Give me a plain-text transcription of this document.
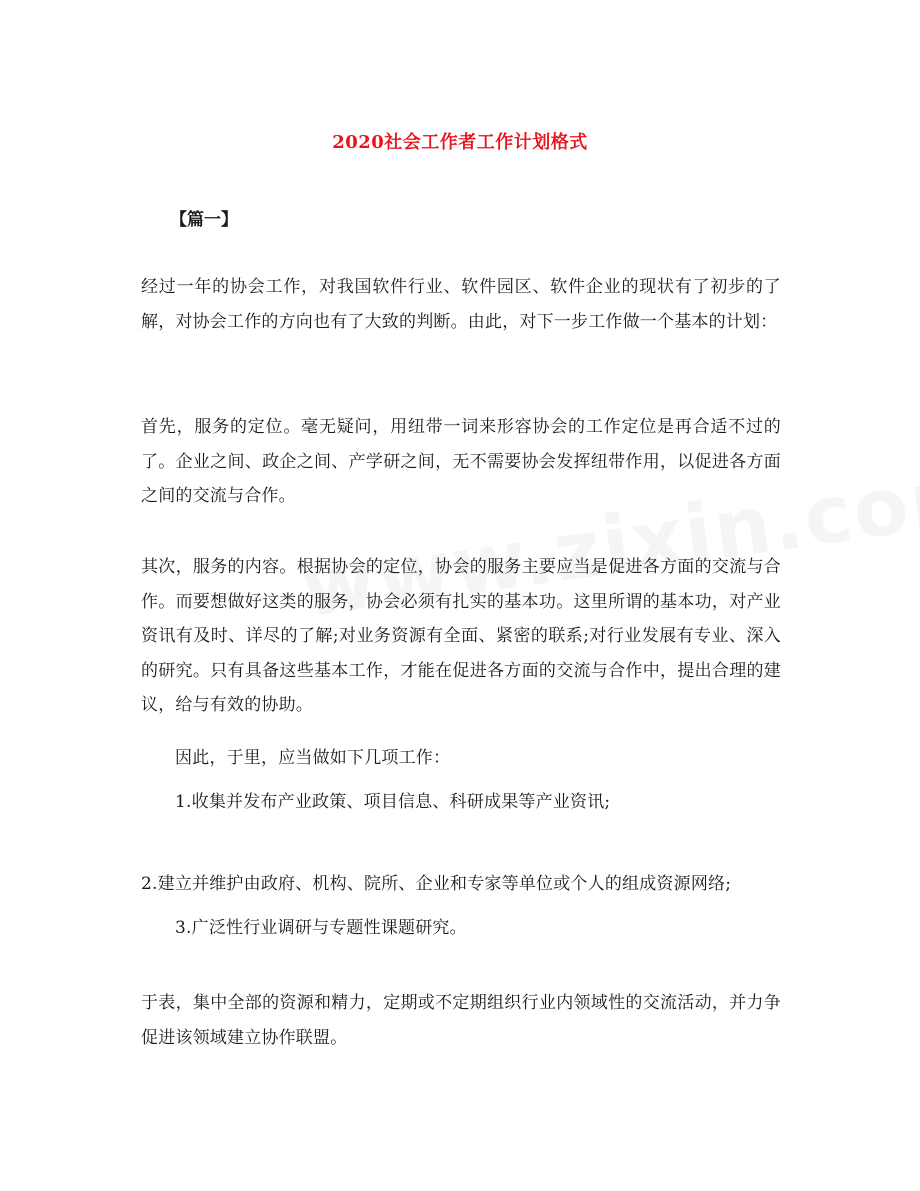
2020社会工作者工作计划格式
【篇一】
经过一年的协会工作，对我国软件行业、软件园区、软件企业的现状有了初步的了解，对协会工作的方向也有了大致的判断。由此，对下一步工作做一个基本的计划：
首先，服务的定位。毫无疑问，用纽带一词来形容协会的工作定位是再合适不过的了。企业之间、政企之间、产学研之间，无不需要协会发挥纽带作用，以促进各方面之间的交流与合作。
其次，服务的内容。根据协会的定位，协会的服务主要应当是促进各方面的交流与合作。而要想做好这类的服务，协会必须有扎实的基本功。这里所谓的基本功，对产业资讯有及时、详尽的了解;对业务资源有全面、紧密的联系;对行业发展有专业、深入的研究。只有具备这些基本工作，才能在促进各方面的交流与合作中，提出合理的建议，给与有效的协助。
因此，于里，应当做如下几项工作：
1.收集并发布产业政策、项目信息、科研成果等产业资讯;
2.建立并维护由政府、机构、院所、企业和专家等单位或个人的组成资源网络;
3.广泛性行业调研与专题性课题研究。
于表，集中全部的资源和精力，定期或不定期组织行业内领域性的交流活动，并力争促进该领域建立协作联盟。
